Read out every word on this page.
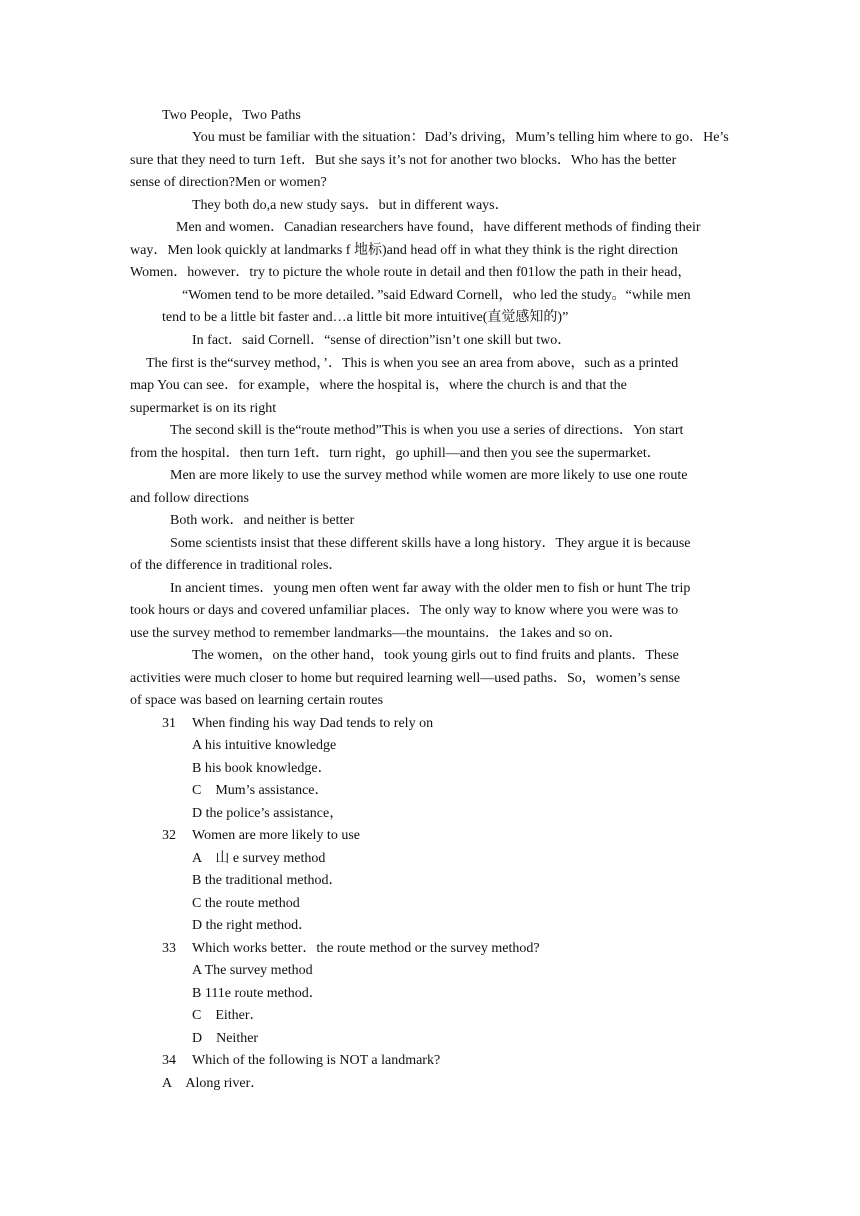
Two People，Two Paths
You must be familiar with the situation：Dad’s driving，Mum’s telling him where to go．He’s
sure that they need to turn 1eft．But she says it’s not for another two blocks．Who has the better
sense of direction?Men or women?
They both do,a new study says．but in different ways．
Men and women．Canadian researchers have found，have different methods of finding their
way．Men look quickly at landmarks f 地标)and head off in what they think is the right direction
Women．however．try to picture the whole route in detail and then f01low the path in their head，
“Women tend to be more detailed．”said Edward Cornell，who led the study。“while men
tend to be a little bit faster and…a little bit more intuitive(直觉感知的)”
In fact．said Cornell．“sense of direction”isn’t one skill but two．
The first is the“survey method，’．This is when you see an area from above，such as a printed
map You can see．for example，where the hospital is，where the church is and that the
supermarket is on its right
The second skill is the“route method”This is when you use a series of directions．Yon start
from the hospital．then turn 1eft．turn right，go uphill—and then you see the supermarket．
Men are more likely to use the survey method while women are more likely to use one route
and follow directions
Both work．and neither is better
Some scientists insist that these different skills have a long history．They argue it is because
of the difference in traditional roles．
In ancient times．young men often went far away with the older men to fish or hunt The trip
took hours or days and covered unfamiliar places．The only way to know where you were was to
use the survey method to remember landmarks—the mountains．the 1akes and so on．
The women，on the other hand，took young girls out to find fruits and plants．These
activities were much closer to home but required learning well—used paths．So，women’s sense
of space was based on learning certain routes
31 When finding his way Dad tends to rely on
A his intuitive knowledge
B his book knowledge．
C　Mum’s assistance．
D the police’s assistance，
32 Women are more likely to use
A　山 e survey method
B the traditional method．
C the route method
D the right method．
33 Which works better．the route method or the survey method?
A The survey method
B 111e route method．
C　Either．
D　Neither
34 Which of the following is NOT a landmark?
A　Along river．
